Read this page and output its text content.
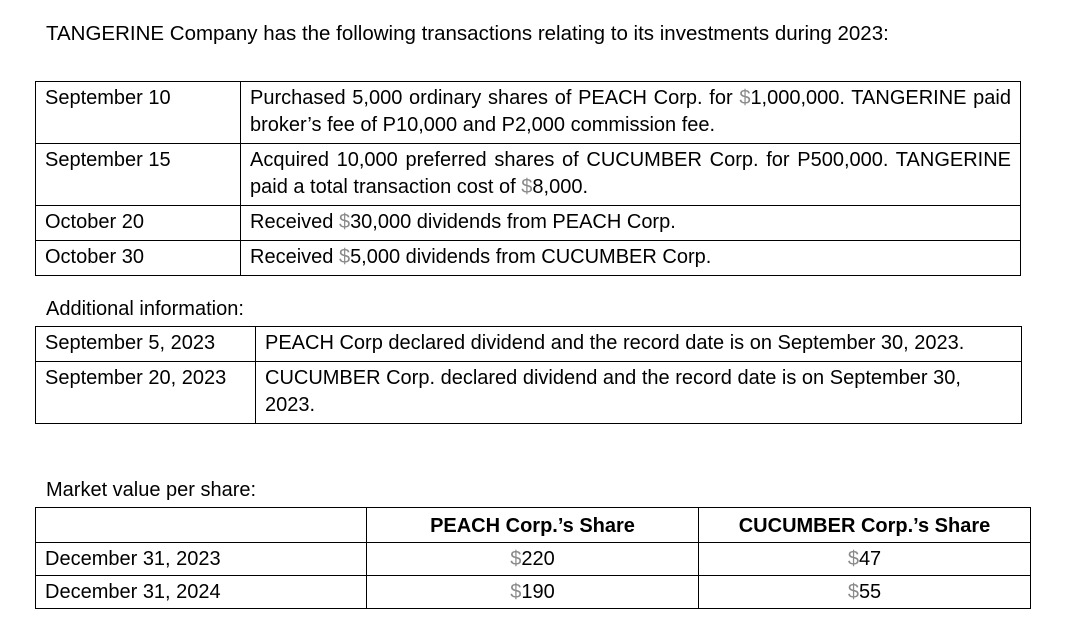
TANGERINE Company has the following transactions relating to its investments during 2023:
September 10	Purchased 5,000 ordinary shares of PEACH Corp. for $1,000,000. TANGERINE paid broker’s fee of P10,000 and P2,000 commission fee.
September 15	Acquired 10,000 preferred shares of CUCUMBER Corp. for P500,000. TANGERINE paid a total transaction cost of $8,000.
October 20	Received $30,000 dividends from PEACH Corp.
October 30	Received $5,000 dividends from CUCUMBER Corp.
Additional information:
September 5, 2023	PEACH Corp declared dividend and the record date is on September 30, 2023.
September 20, 2023	CUCUMBER Corp. declared dividend and the record date is on September 30, 2023.
Market value per share:
	PEACH Corp.’s Share	CUCUMBER Corp.’s Share
December 31, 2023	$220	$47
December 31, 2024	$190	$55
